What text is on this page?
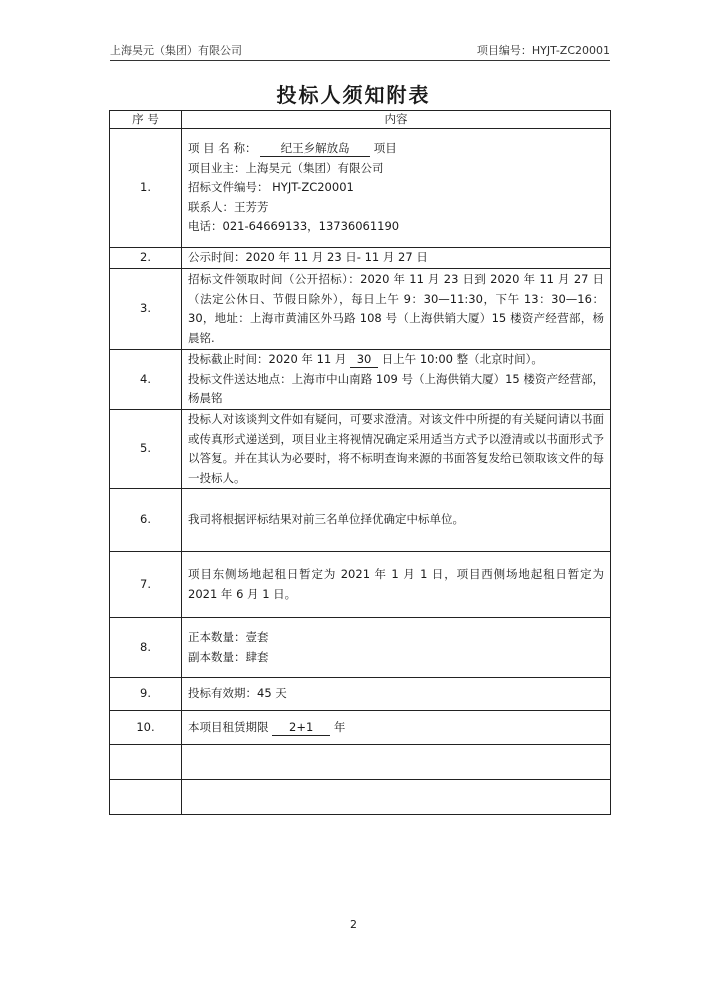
上海昊元（集团）有限公司	项目编号：HYJT-ZC20001
投标人须知附表
序 号	内容
1.	项 目 名 称： 纪王乡解放岛 项目
项目业主：上海昊元（集团）有限公司
招标文件编号： HYJT-ZC20001
联系人：王芳芳
电话：021-64669133，13736061190

2.	公示时间：2020 年 11 月 23 日- 11 月 27 日
3.	招标文件领取时间（公开招标）：2020 年 11 月 23 日到 2020 年 11 月 27 日（法定公休日、节假日除外），每日上午 9：30—11:30，下午 13：30—16：30，地址：上海市黄浦区外马路 108 号（上海供销大厦）15 楼资产经营部，杨晨铭.
4.	投标截止时间：2020 年 11 月 30 日上午 10:00 整（北京时间）。
投标文件送达地点：上海市中山南路 109 号（上海供销大厦）15 楼资产经营部，杨晨铭

5.	投标人对该谈判文件如有疑问，可要求澄清。对该文件中所提的有关疑问请以书面或传真形式递送到，项目业主将视情况确定采用适当方式予以澄清或以书面形式予以答复。并在其认为必要时，将不标明查询来源的书面答复发给已领取该文件的每一投标人。
6.	我司将根据评标结果对前三名单位择优确定中标单位。
7.	项目东侧场地起租日暂定为 2021 年 1 月 1 日，项目西侧场地起租日暂定为 2021 年 6 月 1 日。
8.	正本数量：壹套
副本数量：肆套

9.	投标有效期：45 天
10.	本项目租赁期限 2+1 年

2
